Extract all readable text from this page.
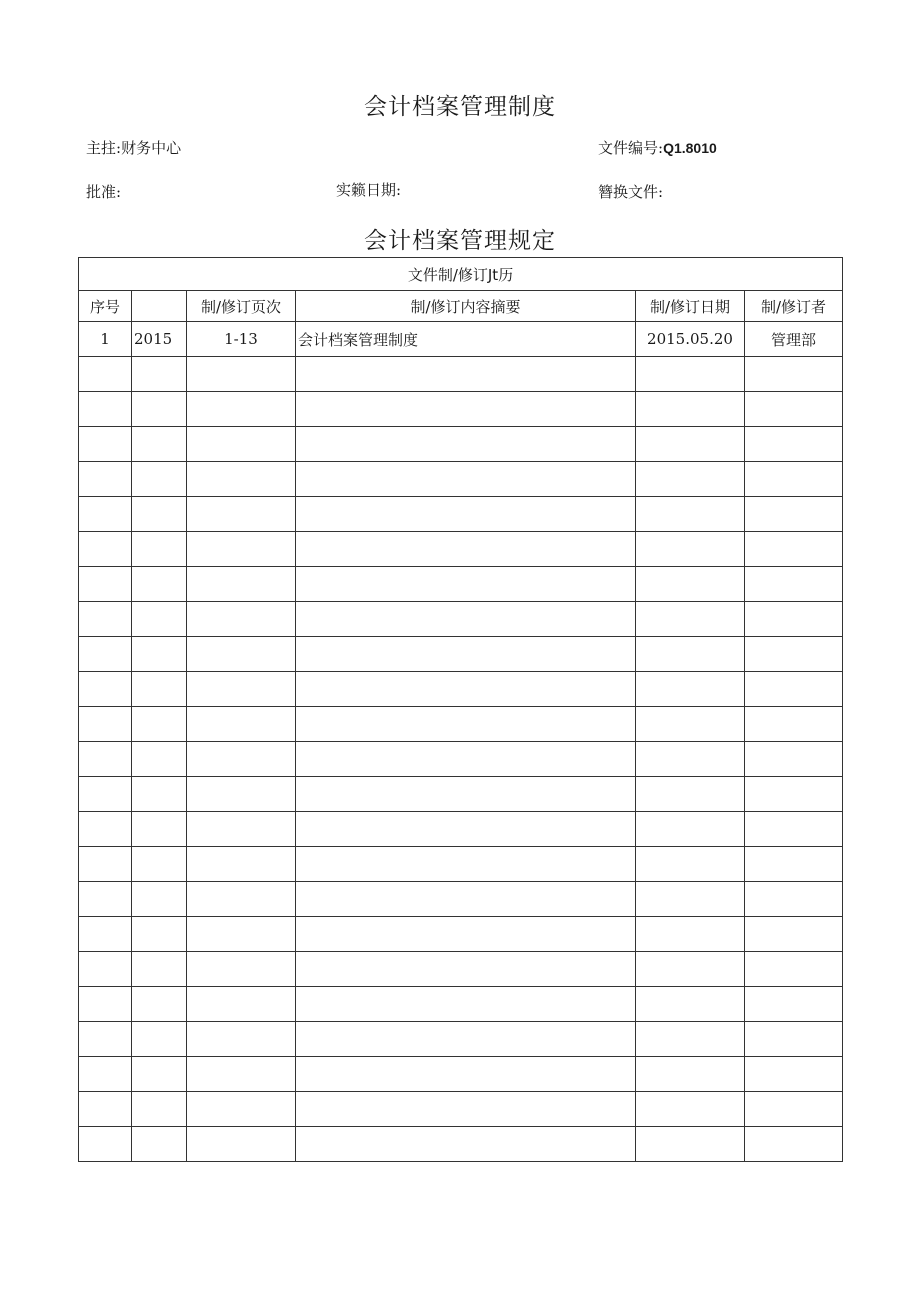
会计档案管理制度
主拄:财务中心	文件编号:Q1.8010
批准:	实籁日期:	簪换文件:
会计档案管理规定
文件制/修订Jt历					
序号		制/修订页次	制/修订内容摘要	制/修订日期	制/修订者
1	2015	1-13	会计档案管理制度	2015.05.20	管理部
